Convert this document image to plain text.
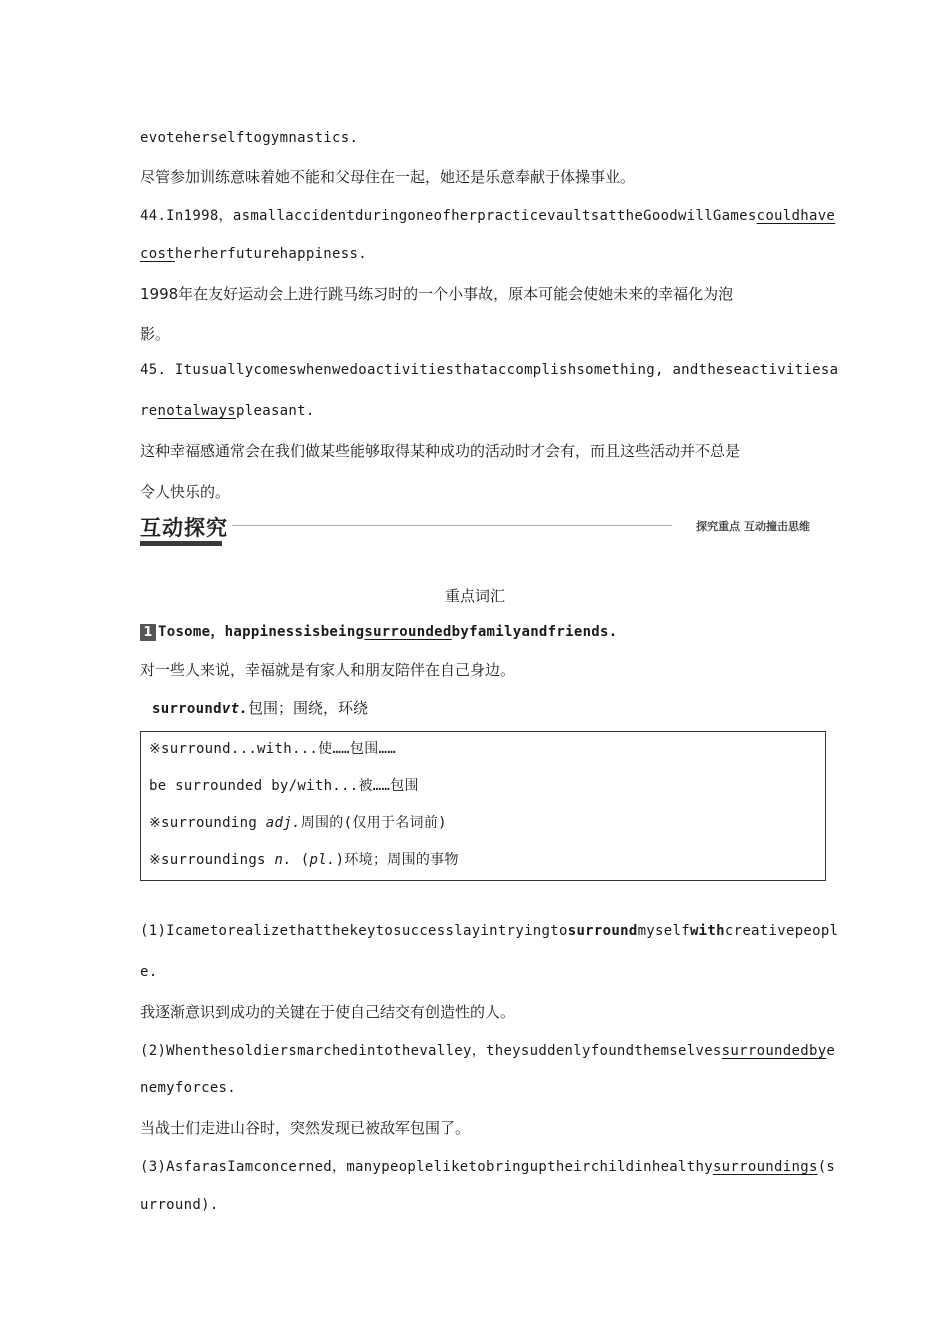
evoteherselftogymnastics.
尽管参加训练意味着她不能和父母住在一起，她还是乐意奉献于体操事业。
44.In1998，asmallaccidentduringoneofherpracticevaultsattheGoodwillGamescouldhave
costherherfuturehappiness.
1998年在友好运动会上进行跳马练习时的一个小事故，原本可能会使她未来的幸福化为泡
影。
45. Itusuallycomeswhenwedoactivitiesthataccomplishsomething, andtheseactivitiesa
renotalwayspleasant.
这种幸福感通常会在我们做某些能够取得某种成功的活动时才会有，而且这些活动并不总是
令人快乐的。
互动探究	探究重点 互动撞击思维
重点词汇
1 Tosome，happinessisbeingsurroundedbyfamilyandfriends.
对一些人来说，幸福就是有家人和朋友陪伴在自己身边。
surroundvt.包围；围绕，环绕
※surround...with...使……包围……
be surrounded by/with...被……包围
※surrounding adj.周围的(仅用于名词前)
※surroundings n. (pl.)环境；周围的事物
(1)Icametorealizethatthekeytosuccesslayintryingtosurroundmyselfwithcreativepeopl
e.
我逐渐意识到成功的关键在于使自己结交有创造性的人。
(2)Whenthesoldiersmarchedintothevalley，theysuddenlyfoundthemselvessurroundedbye
nemyforces.
当战士们走进山谷时，突然发现已被敌军包围了。
(3)AsfarasIamconcerned，manypeopleliketobringuptheirchildinhealthysurroundings(s
urround).
